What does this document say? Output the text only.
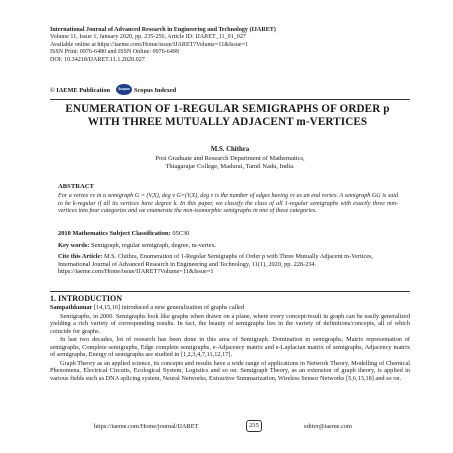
International Journal of Advanced Research in Engineering and Technology (IJARET)
Volume 11, Issue 1, January 2020, pp. 235-256, Article ID: IJARET_11_01_027
Available online at https://iaeme.com/Home/issue/IJARET?Volume=11&Issue=1
ISSN Print: 0976-6480 and ISSN Online: 0976-6499
DOI: 10.34218/IJARET.11.1.2020.027
© IAEME Publication	Scopus Scopus Indexed
ENUMERATION OF 1-REGULAR SEMIGRAPHS OF ORDER p WITH THREE MUTUALLY ADJACENT m-VERTICES
M.S. Chithra
Post Graduate and Research Department of Mathematics,
Thiagarajar College, Madurai, Tamil Nadu, India.
ABSTRACT
For a vertex vv in a semigraph G = (V,X), deg v G=(V,X), deg v is the number of edges having vv as an end vertex. A semigraph GG is said to be k-regular if all its vertices have degree k. In this paper, we classify the class of all 1-regular semigraphs with exactly three mm-vertices into four categories and we enumerate the non-isomorphic semigraphs in one of these categories.
2010 Mathematics Subject Classification: 05C30
Key words: Semigraph, regular semigraph, degree, m-vertex.
Cite this Article: M.S. Chithra, Enumeration of 1-Regular Semigraphs of Order p with Three Mutually Adjacent m-Vertices, International Journal of Advanced Research in Engineering and Technology, 11(1), 2020, pp. 228-234. https://iaeme.com/Home/issue/IJARET?Volume=11&Issue=1
1. INTRODUCTION

Sampathkumar [14,15,16] introduced a new generalization of graphs called

Semigraphs, in 2000. Semigraphs look like graphs when drawn on a plane, where every concept/result in graph can be easily generalized yielding a rich variety of corresponding results. In fact, the beauty of semigraphs lies in the variety of definitions/concepts, all of which coincide for graphs.

In last two decades, lot of research has been done in this area of Semigraph. Domination in semigraphs, Matrix representation of semigraphs, Complete semigraphs, Edge complete semigraphs, e-Adjacency matrix and e-Laplacian matrix of semigraphs, Adjacency matrix of semigraphs, Energy of semigraphs are studied in [1,2,3,4,7,11,12,17].

Graph Theory as an applied science, its concepts and results have a wide range of applications in Network Theory, Modelling of Chemical Phenomena, Electrical Circuits, Ecological System, Logistics and so on. Semigraph Theory, as an extension of graph theory, is applied in various fields such as DNA splicing system, Neural Networks, Extractive Summarization, Wireless Sensor Networks [5,6,13,18] and so on.

https://iaeme.com/Home/journal/IJARET	235	editor@iaeme.com
